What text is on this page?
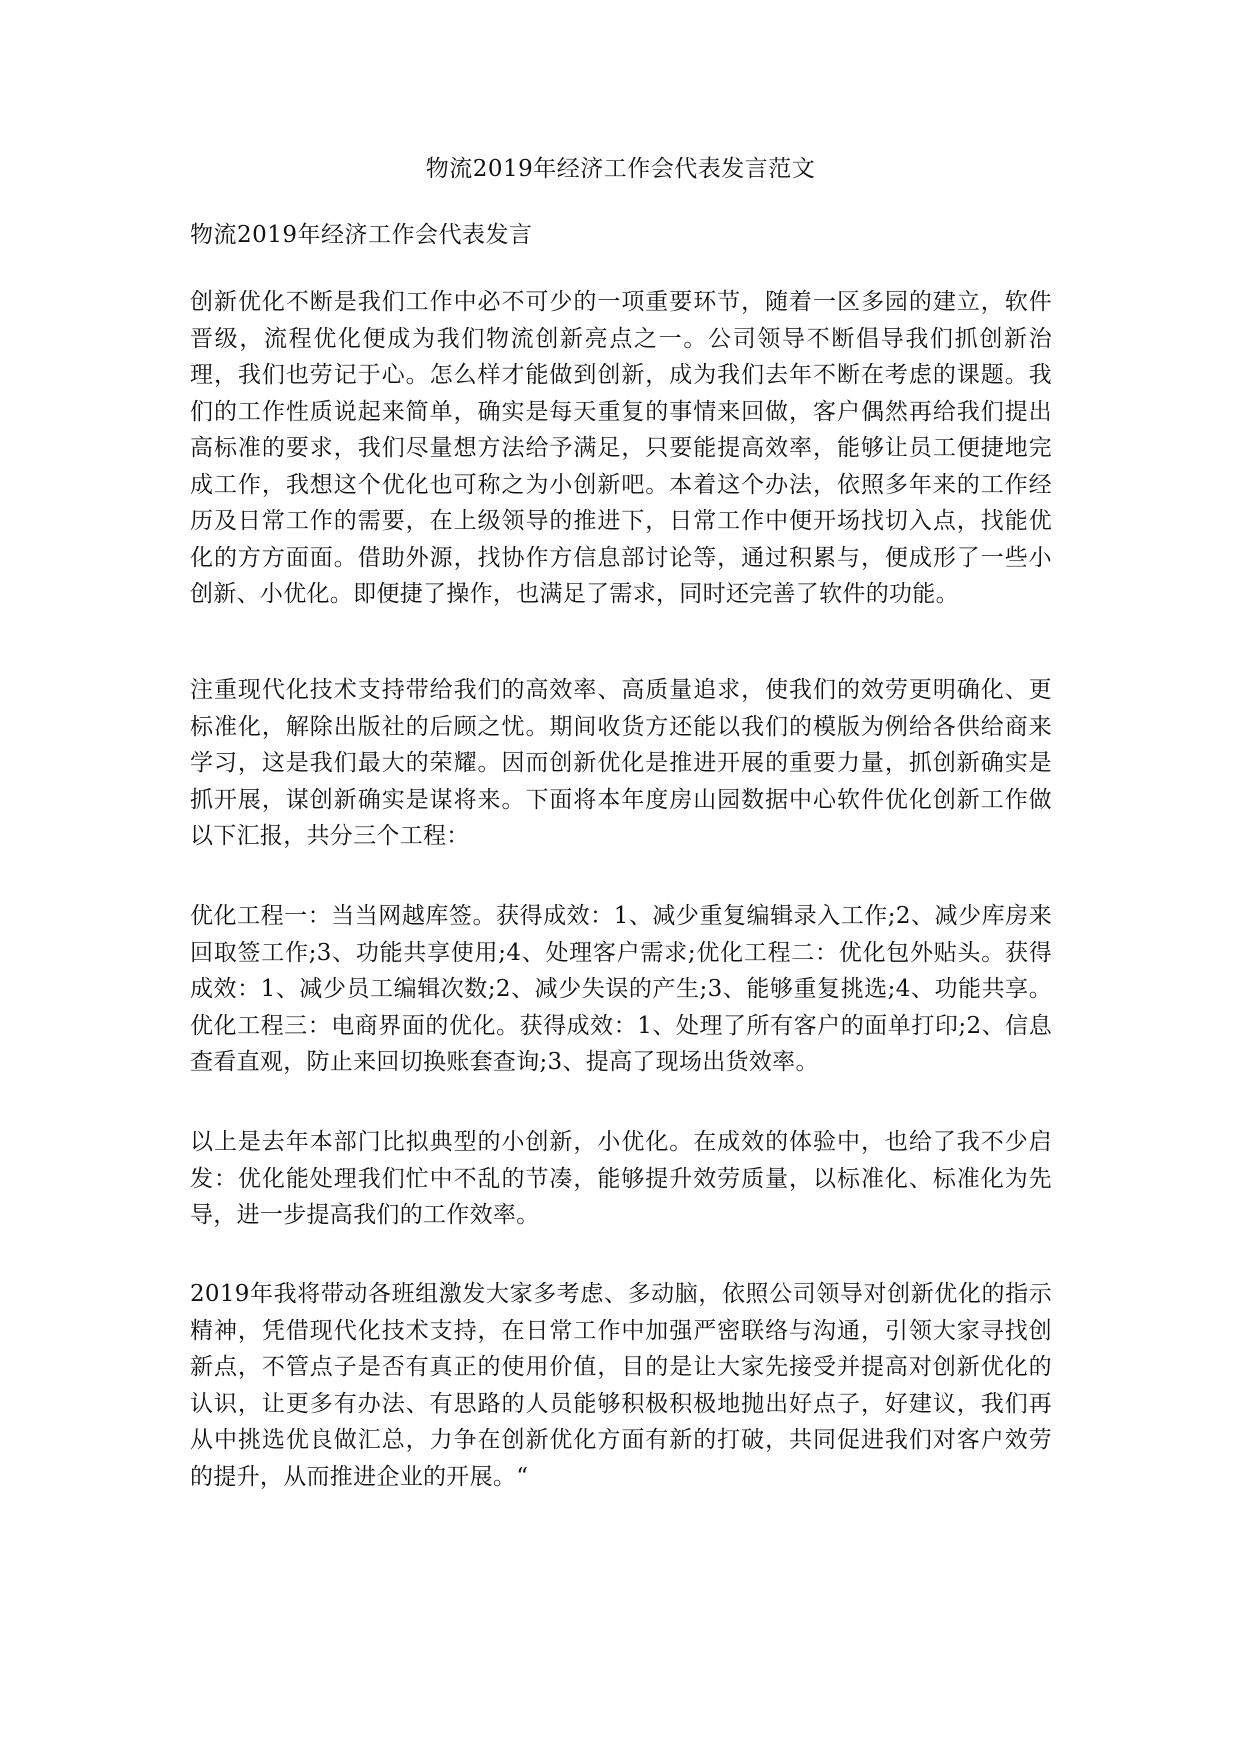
物流2019年经济工作会代表发言范文
物流2019年经济工作会代表发言

创新优化不断是我们工作中必不可少的一项重要环节，随着一区多园的建立，软件晋级，流程优化便成为我们物流创新亮点之一。公司领导不断倡导我们抓创新治理，我们也劳记于心。怎么样才能做到创新，成为我们去年不断在考虑的课题。我们的工作性质说起来简单，确实是每天重复的事情来回做，客户偶然再给我们提出高标准的要求，我们尽量想方法给予满足，只要能提高效率，能够让员工便捷地完成工作，我想这个优化也可称之为小创新吧。本着这个办法，依照多年来的工作经历及日常工作的需要，在上级领导的推进下，日常工作中便开场找切入点，找能优化的方方面面。借助外源，找协作方信息部讨论等，通过积累与，便成形了一些小创新、小优化。即便捷了操作，也满足了需求，同时还完善了软件的功能。

注重现代化技术支持带给我们的高效率、高质量追求，使我们的效劳更明确化、更标准化，解除出版社的后顾之忧。期间收货方还能以我们的模版为例给各供给商来学习，这是我们最大的荣耀。因而创新优化是推进开展的重要力量，抓创新确实是抓开展，谋创新确实是谋将来。下面将本年度房山园数据中心软件优化创新工作做以下汇报，共分三个工程：

优化工程一：当当网越库签。获得成效：1、减少重复编辑录入工作;2、减少库房来回取签工作;3、功能共享使用;4、处理客户需求;优化工程二：优化包外贴头。获得成效：1、减少员工编辑次数;2、减少失误的产生;3、能够重复挑选;4、功能共享。优化工程三：电商界面的优化。获得成效：1、处理了所有客户的面单打印;2、信息查看直观，防止来回切换账套查询;3、提高了现场出货效率。

以上是去年本部门比拟典型的小创新，小优化。在成效的体验中，也给了我不少启发：优化能处理我们忙中不乱的节凑，能够提升效劳质量，以标准化、标准化为先导，进一步提高我们的工作效率。

2019年我将带动各班组激发大家多考虑、多动脑，依照公司领导对创新优化的指示精神，凭借现代化技术支持，在日常工作中加强严密联络与沟通，引领大家寻找创新点，不管点子是否有真正的使用价值，目的是让大家先接受并提高对创新优化的认识，让更多有办法、有思路的人员能够积极积极地抛出好点子，好建议，我们再从中挑选优良做汇总，力争在创新优化方面有新的打破，共同促进我们对客户效劳的提升，从而推进企业的开展。“
